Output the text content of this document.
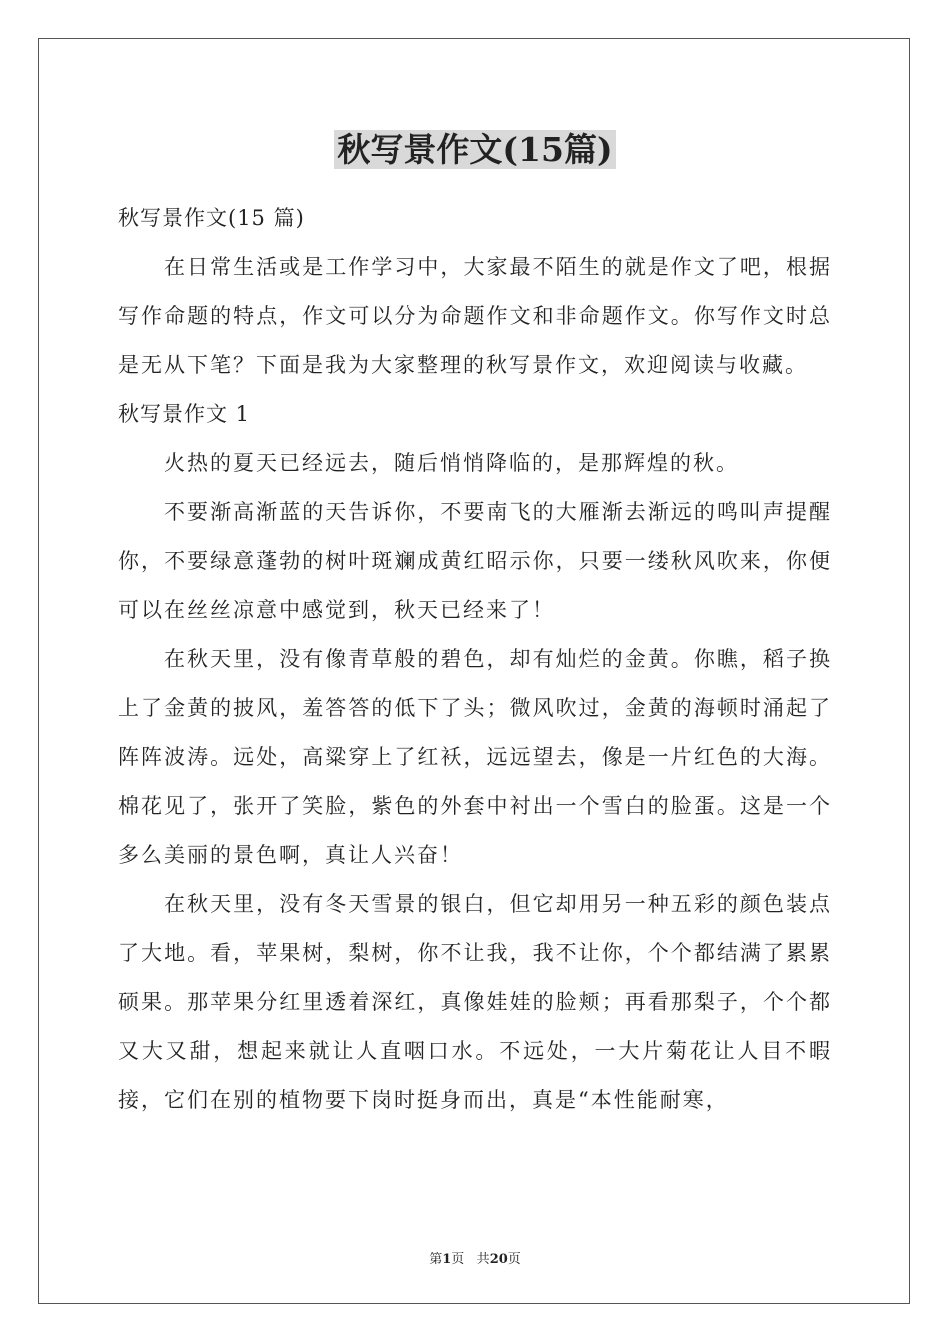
秋写景作文(15篇)

秋写景作文(15 篇)

在日常生活或是工作学习中，大家最不陌生的就是作文了吧，根据写作命题的特点，作文可以分为命题作文和非命题作文。你写作文时总是无从下笔？下面是我为大家整理的秋写景作文，欢迎阅读与收藏。

秋写景作文 1

火热的夏天已经远去，随后悄悄降临的，是那辉煌的秋。

不要渐高渐蓝的天告诉你，不要南飞的大雁渐去渐远的鸣叫声提醒你，不要绿意蓬勃的树叶斑斓成黄红昭示你，只要一缕秋风吹来，你便可以在丝丝凉意中感觉到，秋天已经来了！

在秋天里，没有像青草般的碧色，却有灿烂的金黄。你瞧，稻子换上了金黄的披风，羞答答的低下了头；微风吹过，金黄的海顿时涌起了阵阵波涛。远处，高粱穿上了红袄，远远望去，像是一片红色的大海。棉花见了，张开了笑脸，紫色的外套中衬出一个雪白的脸蛋。这是一个多么美丽的景色啊，真让人兴奋！

在秋天里，没有冬天雪景的银白，但它却用另一种五彩的颜色装点了大地。看，苹果树，梨树，你不让我，我不让你，个个都结满了累累硕果。那苹果分红里透着深红，真像娃娃的脸颊；再看那梨子，个个都又大又甜，想起来就让人直咽口水。不远处，一大片菊花让人目不暇接，它们在别的植物要下岗时挺身而出，真是“本性能耐寒，

第1页 共20页
